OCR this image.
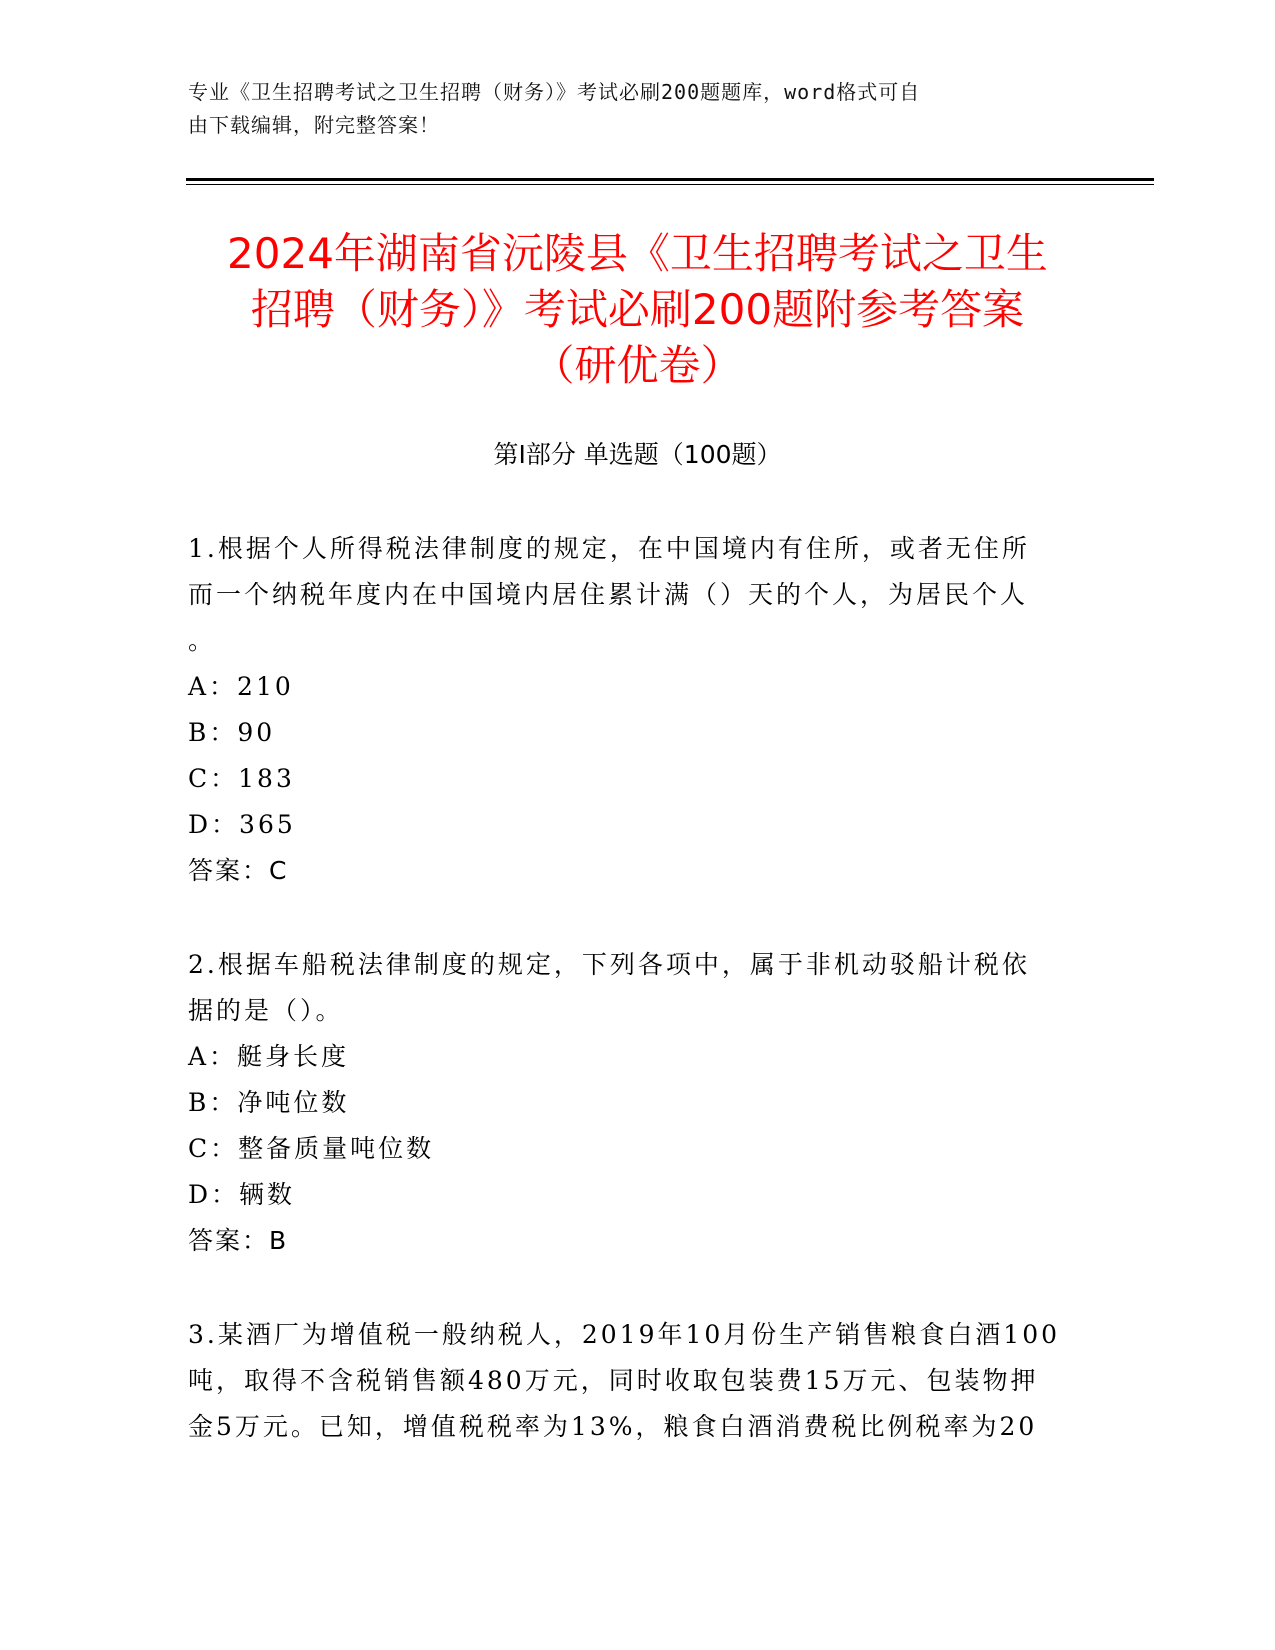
专业《卫生招聘考试之卫生招聘（财务）》考试必刷200题题库，word格式可自
由下载编辑，附完整答案！
2024年湖南省沅陵县《卫生招聘考试之卫生
招聘（财务）》考试必刷200题附参考答案
（研优卷）
第Ⅰ部分 单选题（100题）
1.根据个人所得税法律制度的规定，在中国境内有住所，或者无住所
而一个纳税年度内在中国境内居住累计满（）天的个人，为居民个人
。
A：210
B：90
C：183
D：365
答案：C
2.根据车船税法律制度的规定，下列各项中，属于非机动驳船计税依
据的是（）。
A：艇身长度
B：净吨位数
C：整备质量吨位数
D：辆数
答案：B
3.某酒厂为增值税一般纳税人，2019年10月份生产销售粮食白酒100
吨，取得不含税销售额480万元，同时收取包装费15万元、包装物押
金5万元。已知，增值税税率为13%，粮食白酒消费税比例税率为20
